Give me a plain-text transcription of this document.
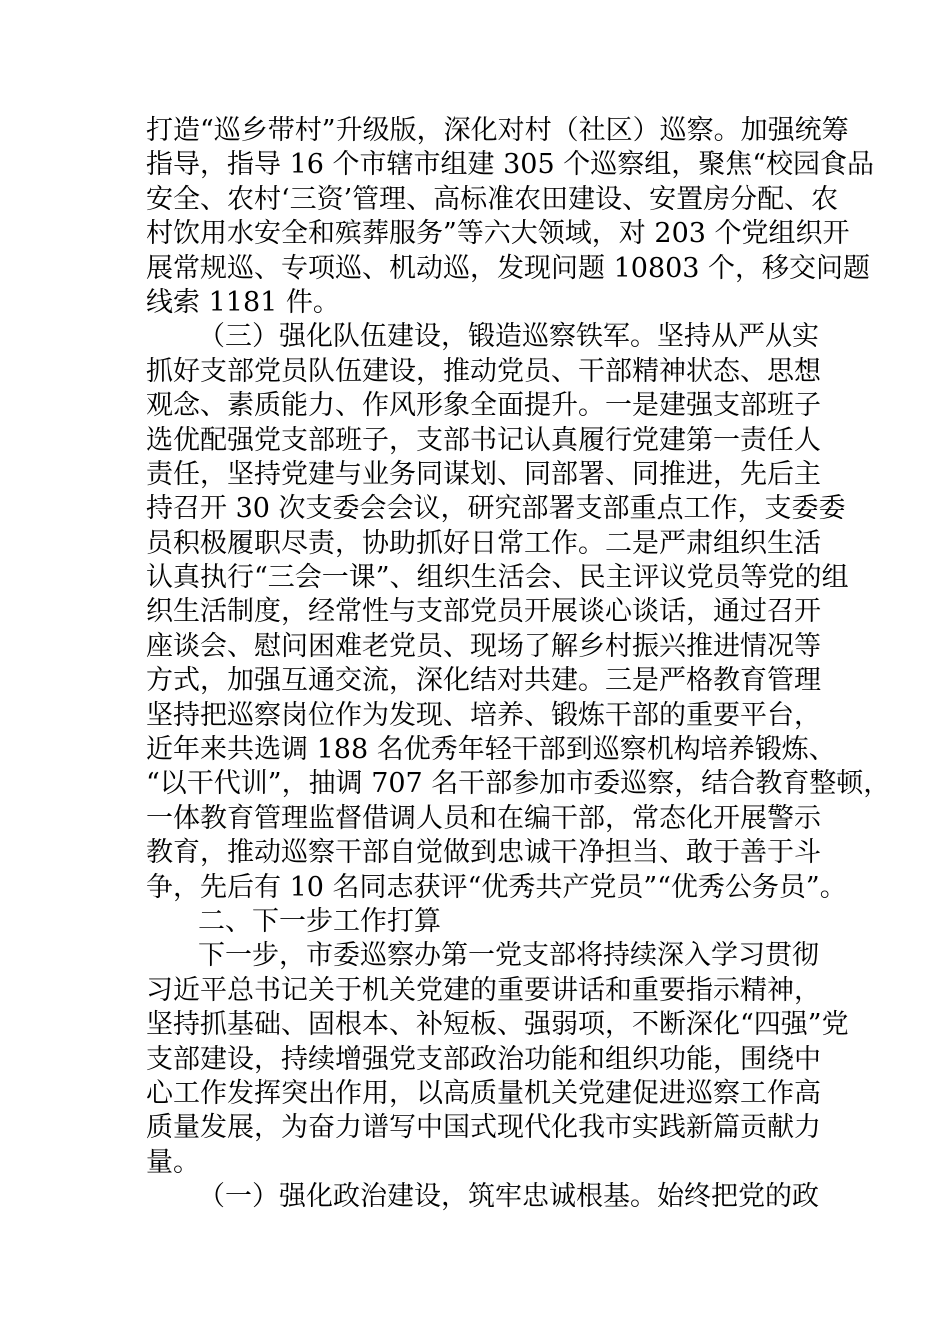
打造“巡乡带村”升级版，深化对村（社区）巡察。加强统筹
指导，指导 16 个市辖市组建 305 个巡察组，聚焦“校园食品
安全、农村‘三资’管理、高标准农田建设、安置房分配、农
村饮用水安全和殡葬服务”等六大领域，对 203 个党组织开
展常规巡、专项巡、机动巡，发现问题 10803 个，移交问题
线索 1181 件。
（三）强化队伍建设，锻造巡察铁军。坚持从严从实
抓好支部党员队伍建设，推动党员、干部精神状态、思想
观念、素质能力、作风形象全面提升。一是建强支部班子
选优配强党支部班子，支部书记认真履行党建第一责任人
责任，坚持党建与业务同谋划、同部署、同推进，先后主
持召开 30 次支委会会议，研究部署支部重点工作，支委委
员积极履职尽责，协助抓好日常工作。二是严肃组织生活
认真执行“三会一课”、组织生活会、民主评议党员等党的组
织生活制度，经常性与支部党员开展谈心谈话，通过召开
座谈会、慰问困难老党员、现场了解乡村振兴推进情况等
方式，加强互通交流，深化结对共建。三是严格教育管理
坚持把巡察岗位作为发现、培养、锻炼干部的重要平台，
近年来共选调 188 名优秀年轻干部到巡察机构培养锻炼、
“以干代训”，抽调 707 名干部参加市委巡察，结合教育整顿，
一体教育管理监督借调人员和在编干部，常态化开展警示
教育，推动巡察干部自觉做到忠诚干净担当、敢于善于斗
争，先后有 10 名同志获评“优秀共产党员”“优秀公务员”。
二、下一步工作打算
下一步，市委巡察办第一党支部将持续深入学习贯彻
习近平总书记关于机关党建的重要讲话和重要指示精神，
坚持抓基础、固根本、补短板、强弱项，不断深化“四强”党
支部建设，持续增强党支部政治功能和组织功能，围绕中
心工作发挥突出作用，以高质量机关党建促进巡察工作高
质量发展，为奋力谱写中国式现代化我市实践新篇贡献力
量。
（一）强化政治建设，筑牢忠诚根基。始终把党的政
